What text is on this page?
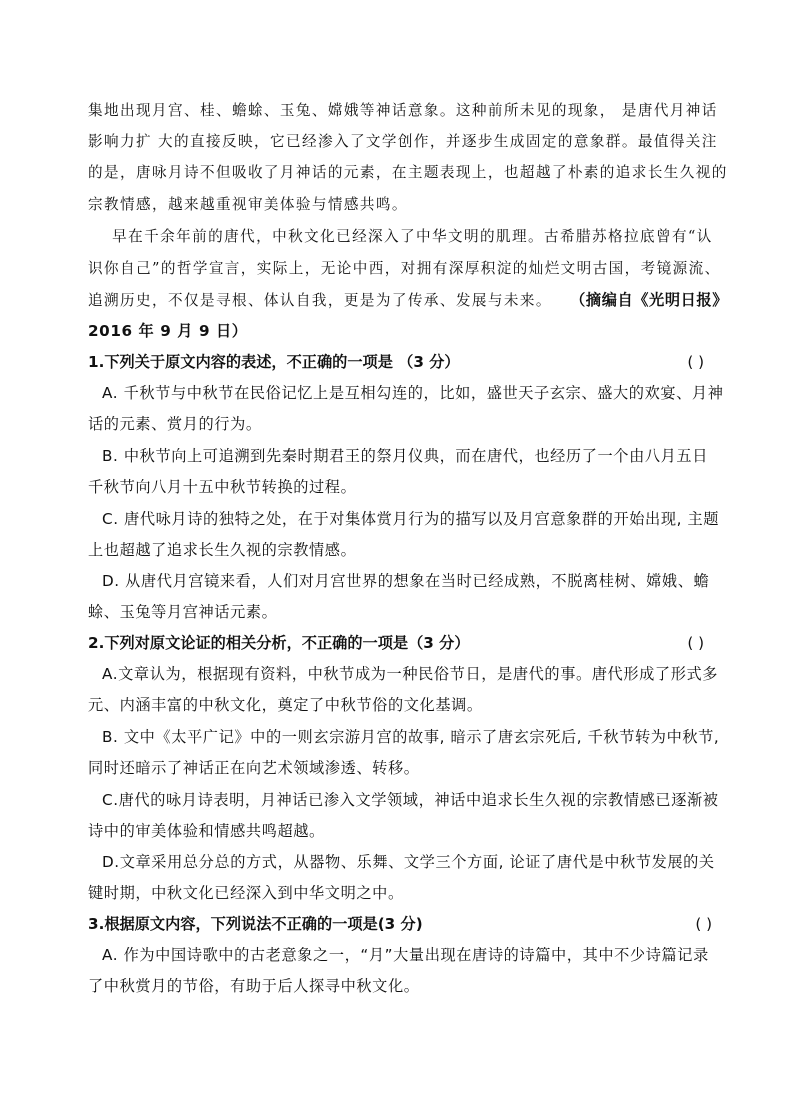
集地出现月宫、桂、蟾蜍、玉兔、嫦娥等神话意象。这种前所未见的现象， 是唐代月神话
影响力扩 大的直接反映，它已经渗入了文学创作，并逐步生成固定的意象群。最值得关注
的是，唐咏月诗不但吸收了月神话的元素，在主题表现上，也超越了朴素的追求长生久视的
宗教情感，越来越重视审美体验与情感共鸣。
早在千余年前的唐代，中秋文化已经深入了中华文明的肌理。古希腊苏格拉底曾有“认
识你自己”的哲学宣言，实际上，无论中西，对拥有深厚积淀的灿烂文明古国，考镜源流、
追溯历史，不仅是寻根、体认自我，更是为了传承、发展与未来。 （摘编自《光明日报》
2016 年 9 月 9 日）
1.下列关于原文内容的表述，不正确的一项是 （3 分）	( )
A. 千秋节与中秋节在民俗记忆上是互相勾连的，比如，盛世天子玄宗、盛大的欢宴、月神
话的元素、赏月的行为。
B. 中秋节向上可追溯到先秦时期君王的祭月仪典，而在唐代，也经历了一个由八月五日
千秋节向八月十五中秋节转换的过程。
C. 唐代咏月诗的独特之处，在于对集体赏月行为的描写以及月宫意象群的开始出现, 主题
上也超越了追求长生久视的宗教情感。
D. 从唐代月宫镜来看，人们对月宫世界的想象在当时已经成熟，不脱离桂树、嫦娥、蟾
蜍、玉兔等月宫神话元素。
2.下列对原文论证的相关分析，不正确的一项是（3 分）	( )
A.文章认为，根据现有资料，中秋节成为一种民俗节日，是唐代的事。唐代形成了形式多
元、内涵丰富的中秋文化，奠定了中秋节俗的文化基调。
B. 文中《太平广记》中的一则玄宗游月宫的故事, 暗示了唐玄宗死后, 千秋节转为中秋节,
同时还暗示了神话正在向艺术领域渗透、转移。
C.唐代的咏月诗表明，月神话已渗入文学领域，神话中追求长生久视的宗教情感已逐渐被
诗中的审美体验和情感共鸣超越。
D.文章采用总分总的方式，从器物、乐舞、文学三个方面, 论证了唐代是中秋节发展的关
键时期，中秋文化已经深入到中华文明之中。
3.根据原文内容，下列说法不正确的一项是(3 分)	( )
A. 作为中国诗歌中的古老意象之一，“月”大量出现在唐诗的诗篇中，其中不少诗篇记录
了中秋赏月的节俗，有助于后人探寻中秋文化。
